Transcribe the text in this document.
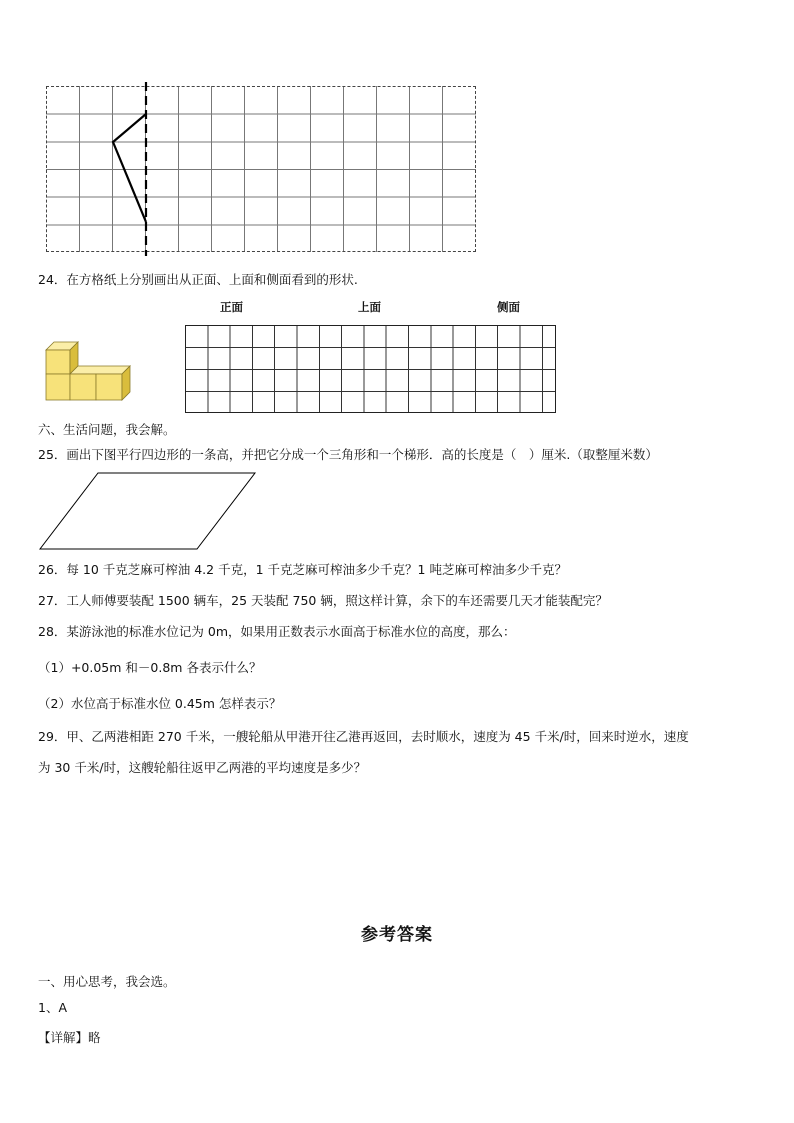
24．在方格纸上分别画出从正面、上面和侧面看到的形状.
正面	上面	侧面
六、生活问题，我会解。
25．画出下图平行四边形的一条高，并把它分成一个三角形和一个梯形．高的长度是（　）厘米.（取整厘米数）
26．每 10 千克芝麻可榨油 4.2 千克，1 千克芝麻可榨油多少千克？1 吨芝麻可榨油多少千克？
27．工人师傅要装配 1500 辆车，25 天装配 750 辆，照这样计算，余下的车还需要几天才能装配完？
28．某游泳池的标准水位记为 0m，如果用正数表示水面高于标准水位的高度，那么：
（1）+0.05m 和－0.8m 各表示什么？
（2）水位高于标准水位 0.45m 怎样表示？
29．甲、乙两港相距 270 千米，一艘轮船从甲港开往乙港再返回，去时顺水，速度为 45 千米/时，回来时逆水，速度
为 30 千米/时，这艘轮船往返甲乙两港的平均速度是多少？
参考答案
一、用心思考，我会选。
1、A
【详解】略
